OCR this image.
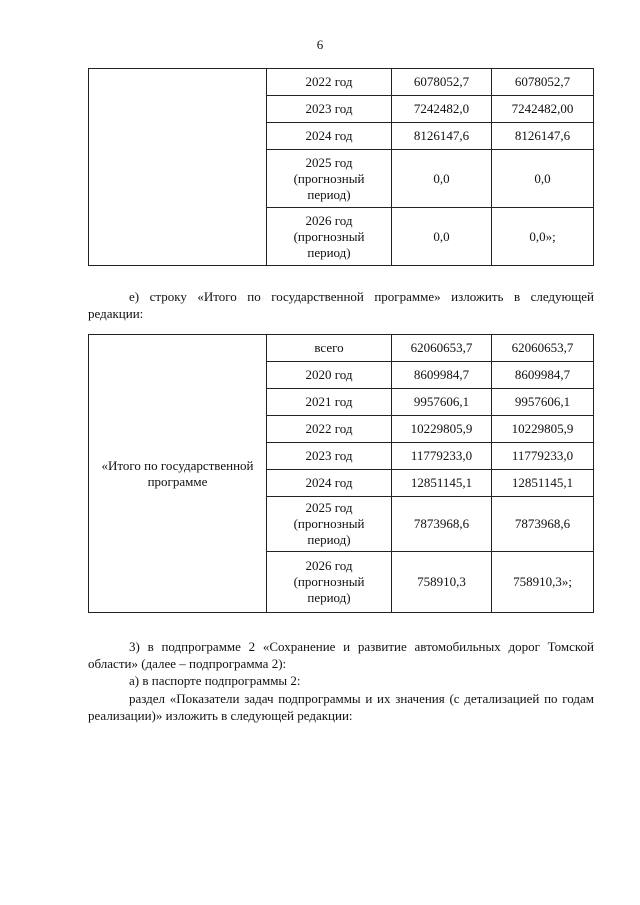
6
	2022 год	6078052,7	6078052,7
	2023 год	7242482,0	7242482,00
	2024 год	8126147,6	8126147,6

	2025 год
(прогнозный
период)	0,0	0,0

	2026 год
(прогнозный
период)	0,0	0,0»;

е) строку «Итого по государственной программе» изложить в следующей редакции:

«Итого по государственной
программе	всего	62060653,7	62060653,7
	2020 год	8609984,7	8609984,7
	2021 год	9957606,1	9957606,1
	2022 год	10229805,9	10229805,9
	2023 год	11779233,0	11779233,0
	2024 год	12851145,1	12851145,1

	2025 год
(прогнозный
период)	7873968,6	7873968,6

	2026 год
(прогнозный
период)	758910,3	758910,3»;

3) в подпрограмме 2 «Сохранение и развитие автомобильных дорог Томской области» (далее – подпрограмма 2):

а) в паспорте подпрограммы 2:

раздел «Показатели задач подпрограммы и их значения (с детализацией по годам реализации)» изложить в следующей редакции:
